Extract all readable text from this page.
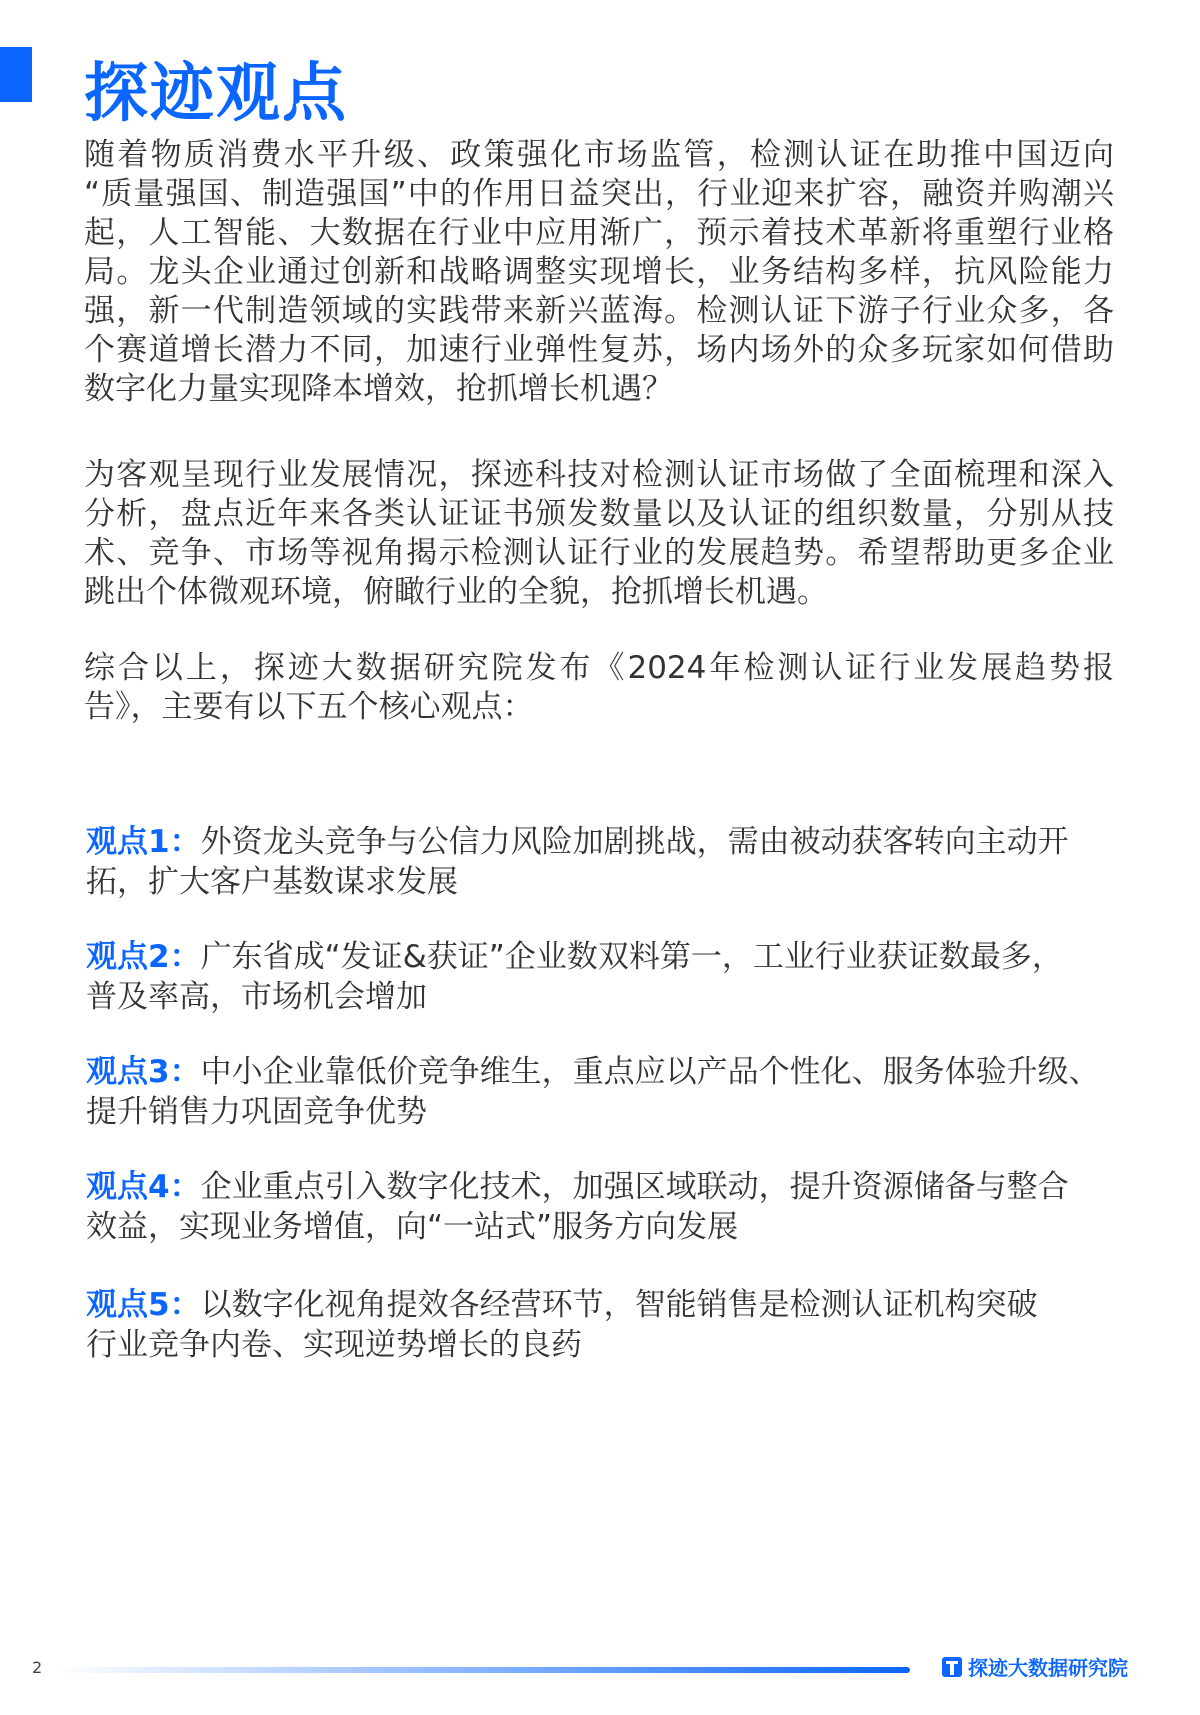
探迹观点
随着物质消费水平升级、政策强化市场监管，检测认证在助推中国迈向
“质量强国、制造强国”中的作用日益突出，行业迎来扩容，融资并购潮兴
起，人工智能、大数据在行业中应用渐广，预示着技术革新将重塑行业格
局。龙头企业通过创新和战略调整实现增长，业务结构多样，抗风险能力
强，新一代制造领域的实践带来新兴蓝海。检测认证下游子行业众多，各
个赛道增长潜力不同，加速行业弹性复苏，场内场外的众多玩家如何借助
数字化力量实现降本增效，抢抓增长机遇？
为客观呈现行业发展情况，探迹科技对检测认证市场做了全面梳理和深入
分析，盘点近年来各类认证证书颁发数量以及认证的组织数量，分别从技
术、竞争、市场等视角揭示检测认证行业的发展趋势。希望帮助更多企业
跳出个体微观环境，俯瞰行业的全貌，抢抓增长机遇。
综合以上，探迹大数据研究院发布《2024年检测认证行业发展趋势报
告》，主要有以下五个核心观点：
观点1：外资龙头竞争与公信力风险加剧挑战，需由被动获客转向主动开
拓，扩大客户基数谋求发展
观点2：广东省成“发证&获证”企业数双料第一，工业行业获证数最多，
普及率高，市场机会增加
观点3：中小企业靠低价竞争维生，重点应以产品个性化、服务体验升级、
提升销售力巩固竞争优势
观点4：企业重点引入数字化技术，加强区域联动，提升资源储备与整合
效益，实现业务增值，向“一站式”服务方向发展
观点5：以数字化视角提效各经营环节，智能销售是检测认证机构突破
行业竞争内卷、实现逆势增长的良药
2	探迹大数据研究院
